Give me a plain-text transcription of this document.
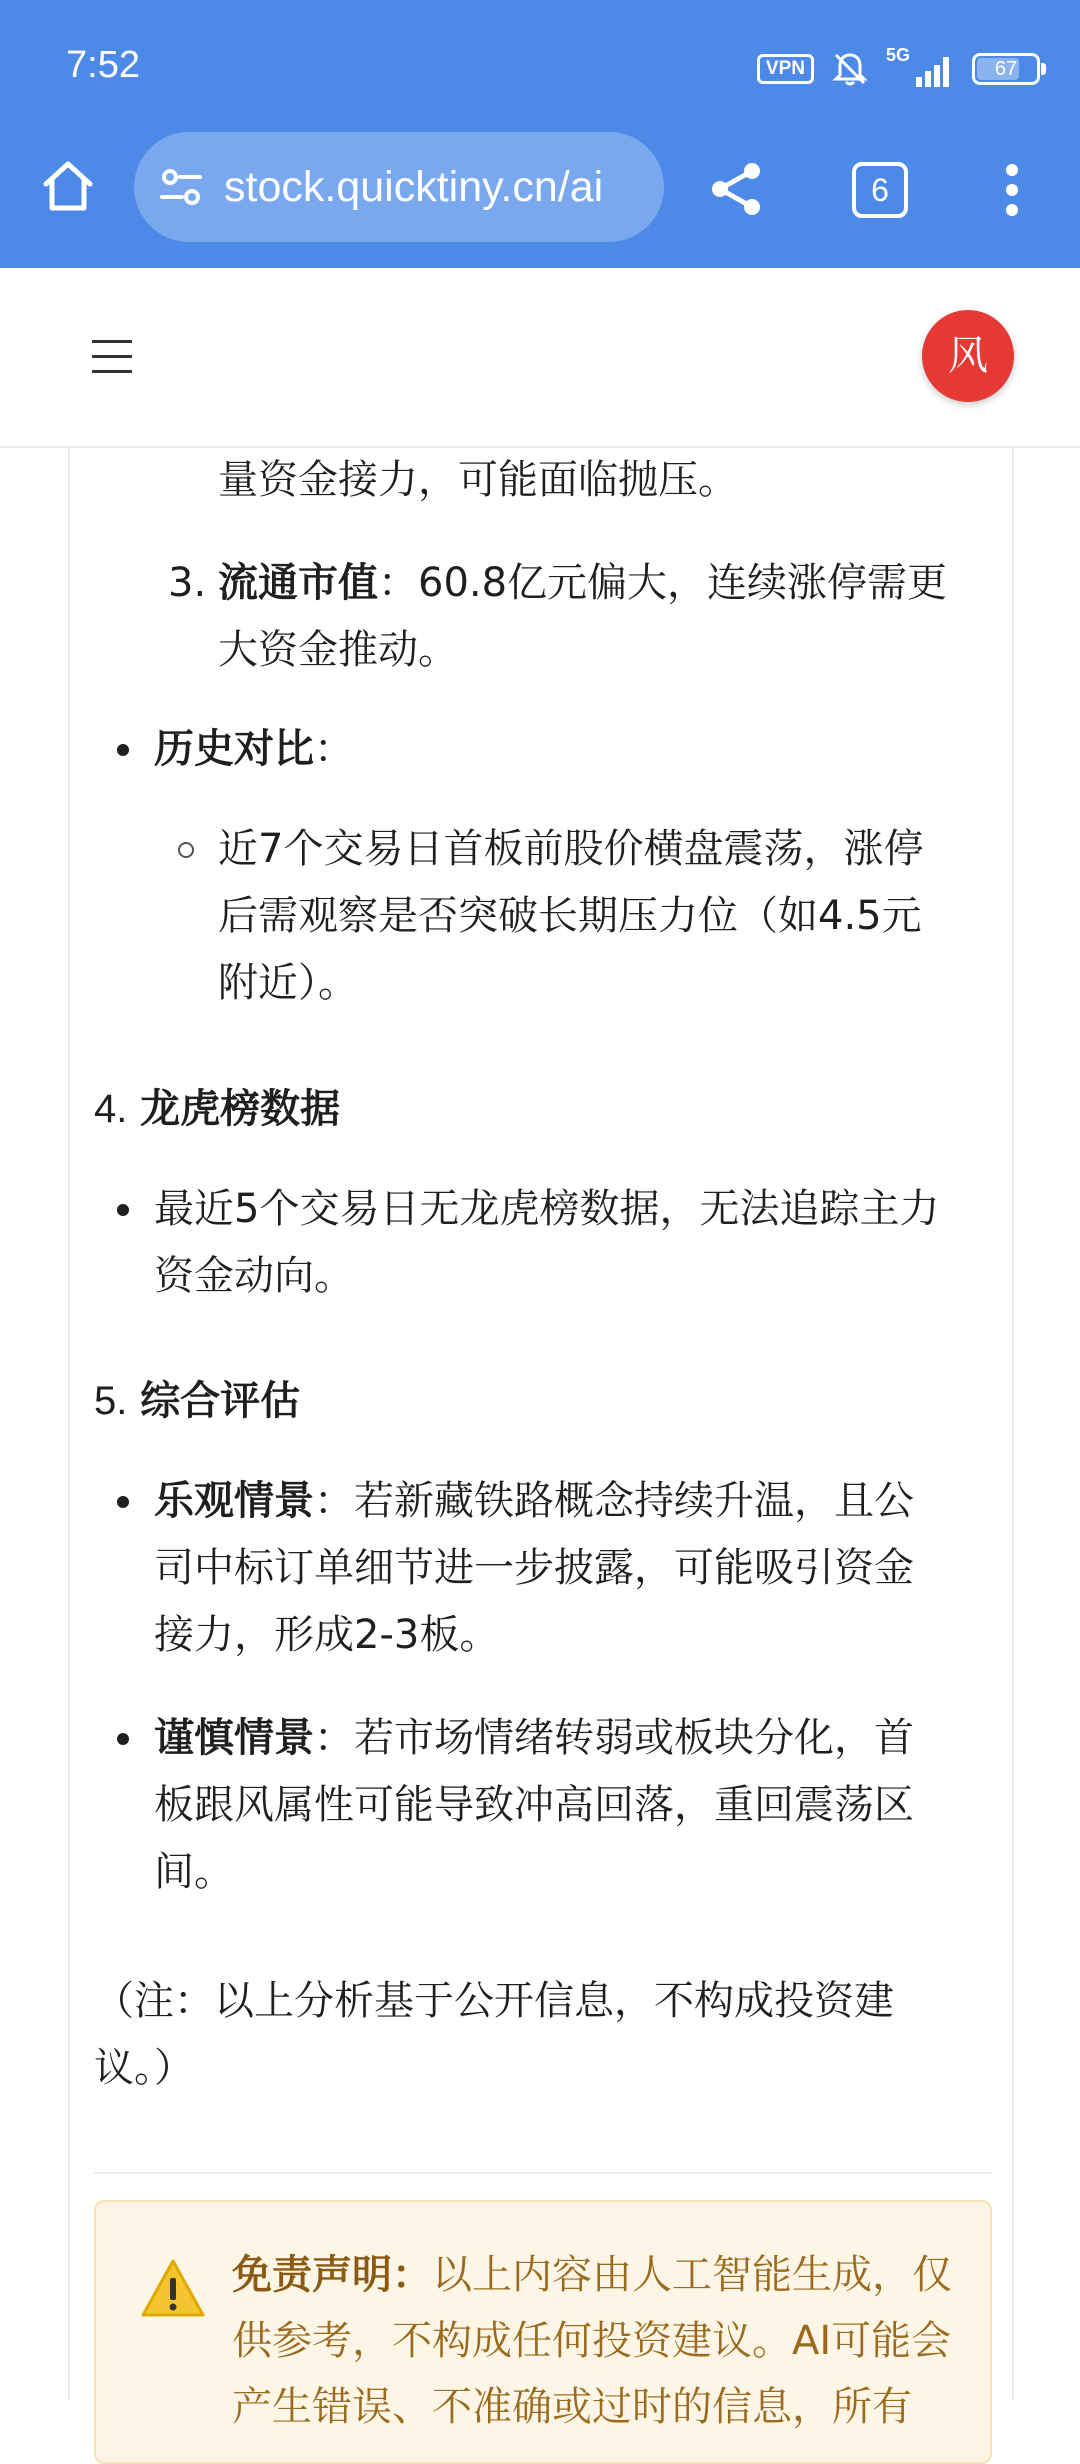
7:52	VPN
5G
67
stock.quicktiny.cn/ai	6
风
量资金接力，可能面临抛压。
3. 流通市值：60.8亿元偏大，连续涨停需更
大资金推动。
历史对比：
近7个交易日首板前股价横盘震荡，涨停
后需观察是否突破长期压力位（如4.5元
附近）。
4. 龙虎榜数据
最近5个交易日无龙虎榜数据，无法追踪主力
资金动向。
5. 综合评估
乐观情景：若新藏铁路概念持续升温，且公
司中标订单细节进一步披露，可能吸引资金
接力，形成2-3板。
谨慎情景：若市场情绪转弱或板块分化，首
板跟风属性可能导致冲高回落，重回震荡区
间。
（注：以上分析基于公开信息，不构成投资建
议。）
免责声明：以上内容由人工智能生成，仅
供参考，不构成任何投资建议。AI可能会
产生错误、不准确或过时的信息，所有
